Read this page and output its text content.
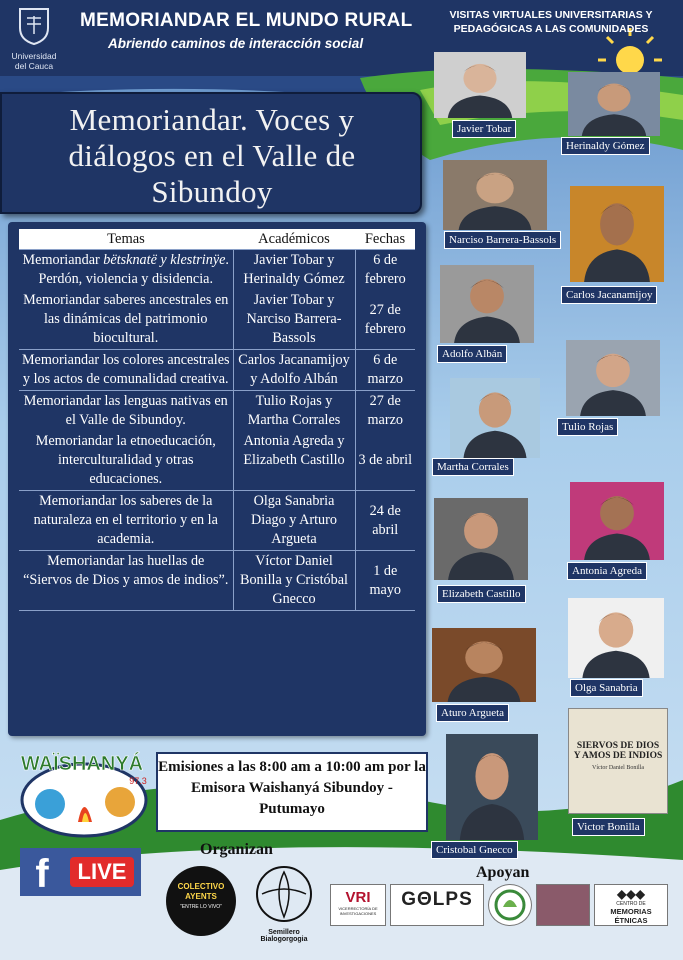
Universidad del Cauca
MEMORIANDAR EL MUNDO RURAL
Abriendo caminos de interacción social
VISITAS VIRTUALES UNIVERSITARIAS Y PEDAGÓGICAS A LAS COMUNIDADES
Memoriandar. Voces y diálogos en el Valle de Sibundoy
Temas	Académicos	Fechas
Memoriandar bëtsknatë y klestrinÿe. Perdón, violencia y disidencia.	Javier Tobar y Herinaldy Gómez	6 de febrero
Memoriandar saberes ancestrales en las dinámicas del patrimonio biocultural.	Javier Tobar y Narciso Barrera-Bassols	27 de febrero
Memoriandar los colores ancestrales y los actos de comunalidad creativa.	Carlos Jacanamijoy y Adolfo Albán	6 de marzo
Memoriandar las lenguas nativas en el Valle de Sibundoy.	Tulio Rojas y Martha Corrales	27 de marzo
Memoriandar la etnoeducación, interculturalidad y otras educaciones.	Antonia Agreda y Elizabeth Castillo	3 de abril
Memoriandar los saberes de la naturaleza en el territorio y en la academia.	Olga Sanabria Diago y Arturo Argueta	24 de abril
Memoriandar las huellas de “Siervos de Dios y amos de indios”.	Víctor Daniel Bonilla y Cristóbal Gnecco	1 de mayo
Javier Tobar
Herinaldy Gómez
Narciso Barrera-Bassols
Carlos Jacanamijoy
Adolfo Albán
Tulio Rojas
Martha Corrales
Antonia Agreda
Elizabeth Castillo
Olga Sanabria
Aturo Argueta
Victor Bonilla
Cristobal Gnecco
SIERVOS DE DIOS Y AMOS DE INDIOS
Víctor Daniel Bonilla
WAÏSHANYÁ
97.3
f	LIVE
Emisiones a las 8:00 am a 10:00 am por la Emisora Waishanyá Sibundoy - Putumayo
Organizan
Apoyan
COLECTIVO AYENTS
“ENTRE LO VIVO”
Semillero Bialogorgogia
VRI
VICERRECTORÍA DE INVESTIGACIONES
GΘLPS	◆◆◆
CENTRO DE
MEMORIAS ÉTNICAS
